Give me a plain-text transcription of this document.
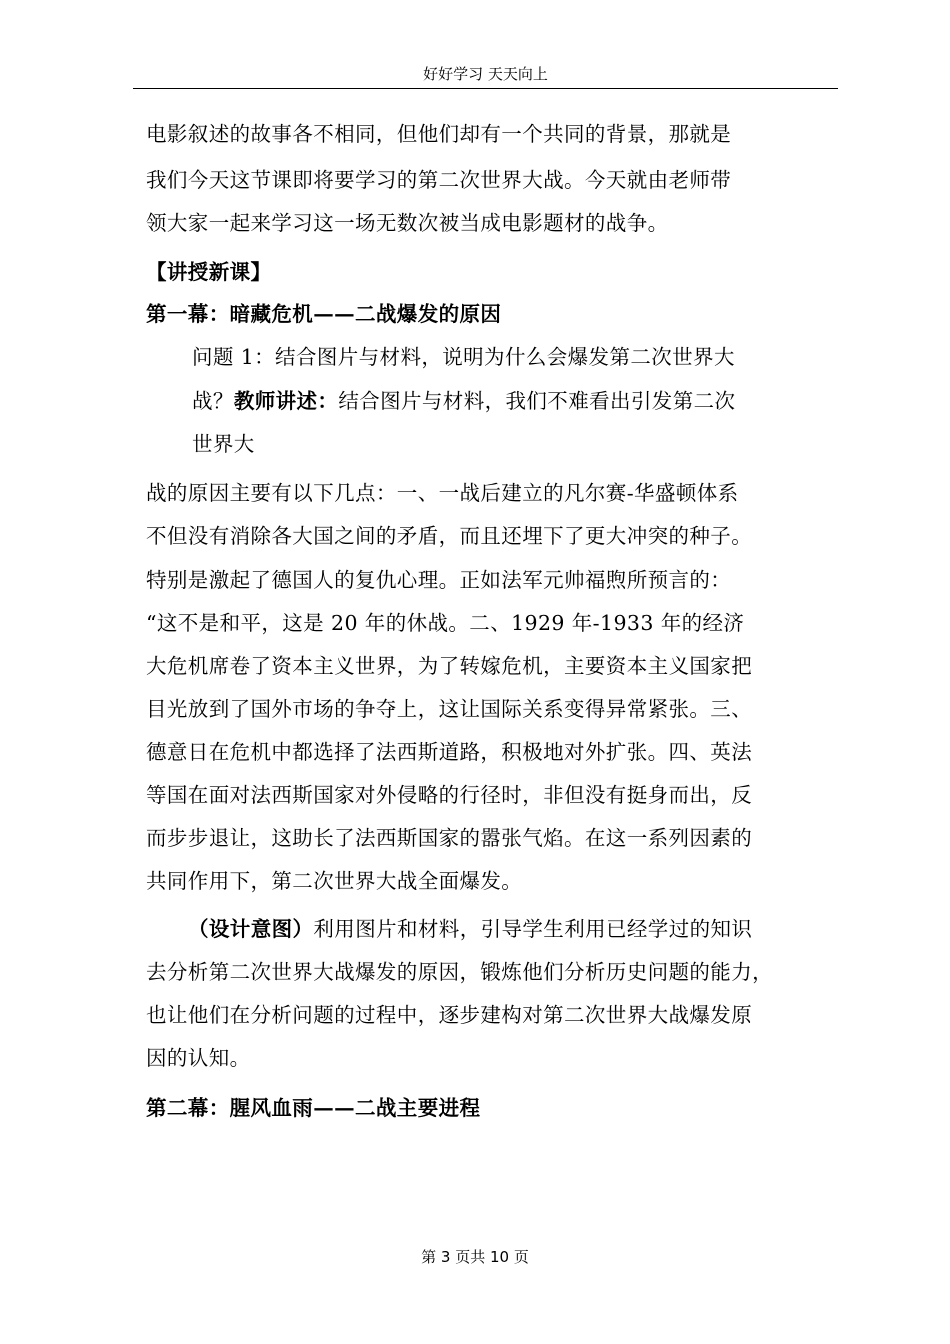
好好学习 天天向上
电影叙述的故事各不相同，但他们却有一个共同的背景，那就是
我们今天这节课即将要学习的第二次世界大战。今天就由老师带
领大家一起来学习这一场无数次被当成电影题材的战争。
【讲授新课】
第一幕：暗藏危机——二战爆发的原因
问题 1：结合图片与材料，说明为什么会爆发第二次世界大
战？教师讲述：结合图片与材料，我们不难看出引发第二次
世界大
战的原因主要有以下几点：一、一战后建立的凡尔赛-华盛顿体系
不但没有消除各大国之间的矛盾，而且还埋下了更大冲突的种子。
特别是激起了德国人的复仇心理。正如法军元帅福煦所预言的：
“这不是和平，这是 20 年的休战。二、1929 年-1933 年的经济
大危机席卷了资本主义世界，为了转嫁危机，主要资本主义国家把
目光放到了国外市场的争夺上，这让国际关系变得异常紧张。三、
德意日在危机中都选择了法西斯道路，积极地对外扩张。四、英法
等国在面对法西斯国家对外侵略的行径时，非但没有挺身而出，反
而步步退让，这助长了法西斯国家的嚣张气焰。在这一系列因素的
共同作用下，第二次世界大战全面爆发。
（设计意图）利用图片和材料，引导学生利用已经学过的知识
去分析第二次世界大战爆发的原因，锻炼他们分析历史问题的能力，
也让他们在分析问题的过程中，逐步建构对第二次世界大战爆发原
因的认知。
第二幕：腥风血雨——二战主要进程
第 3 页共 10 页
